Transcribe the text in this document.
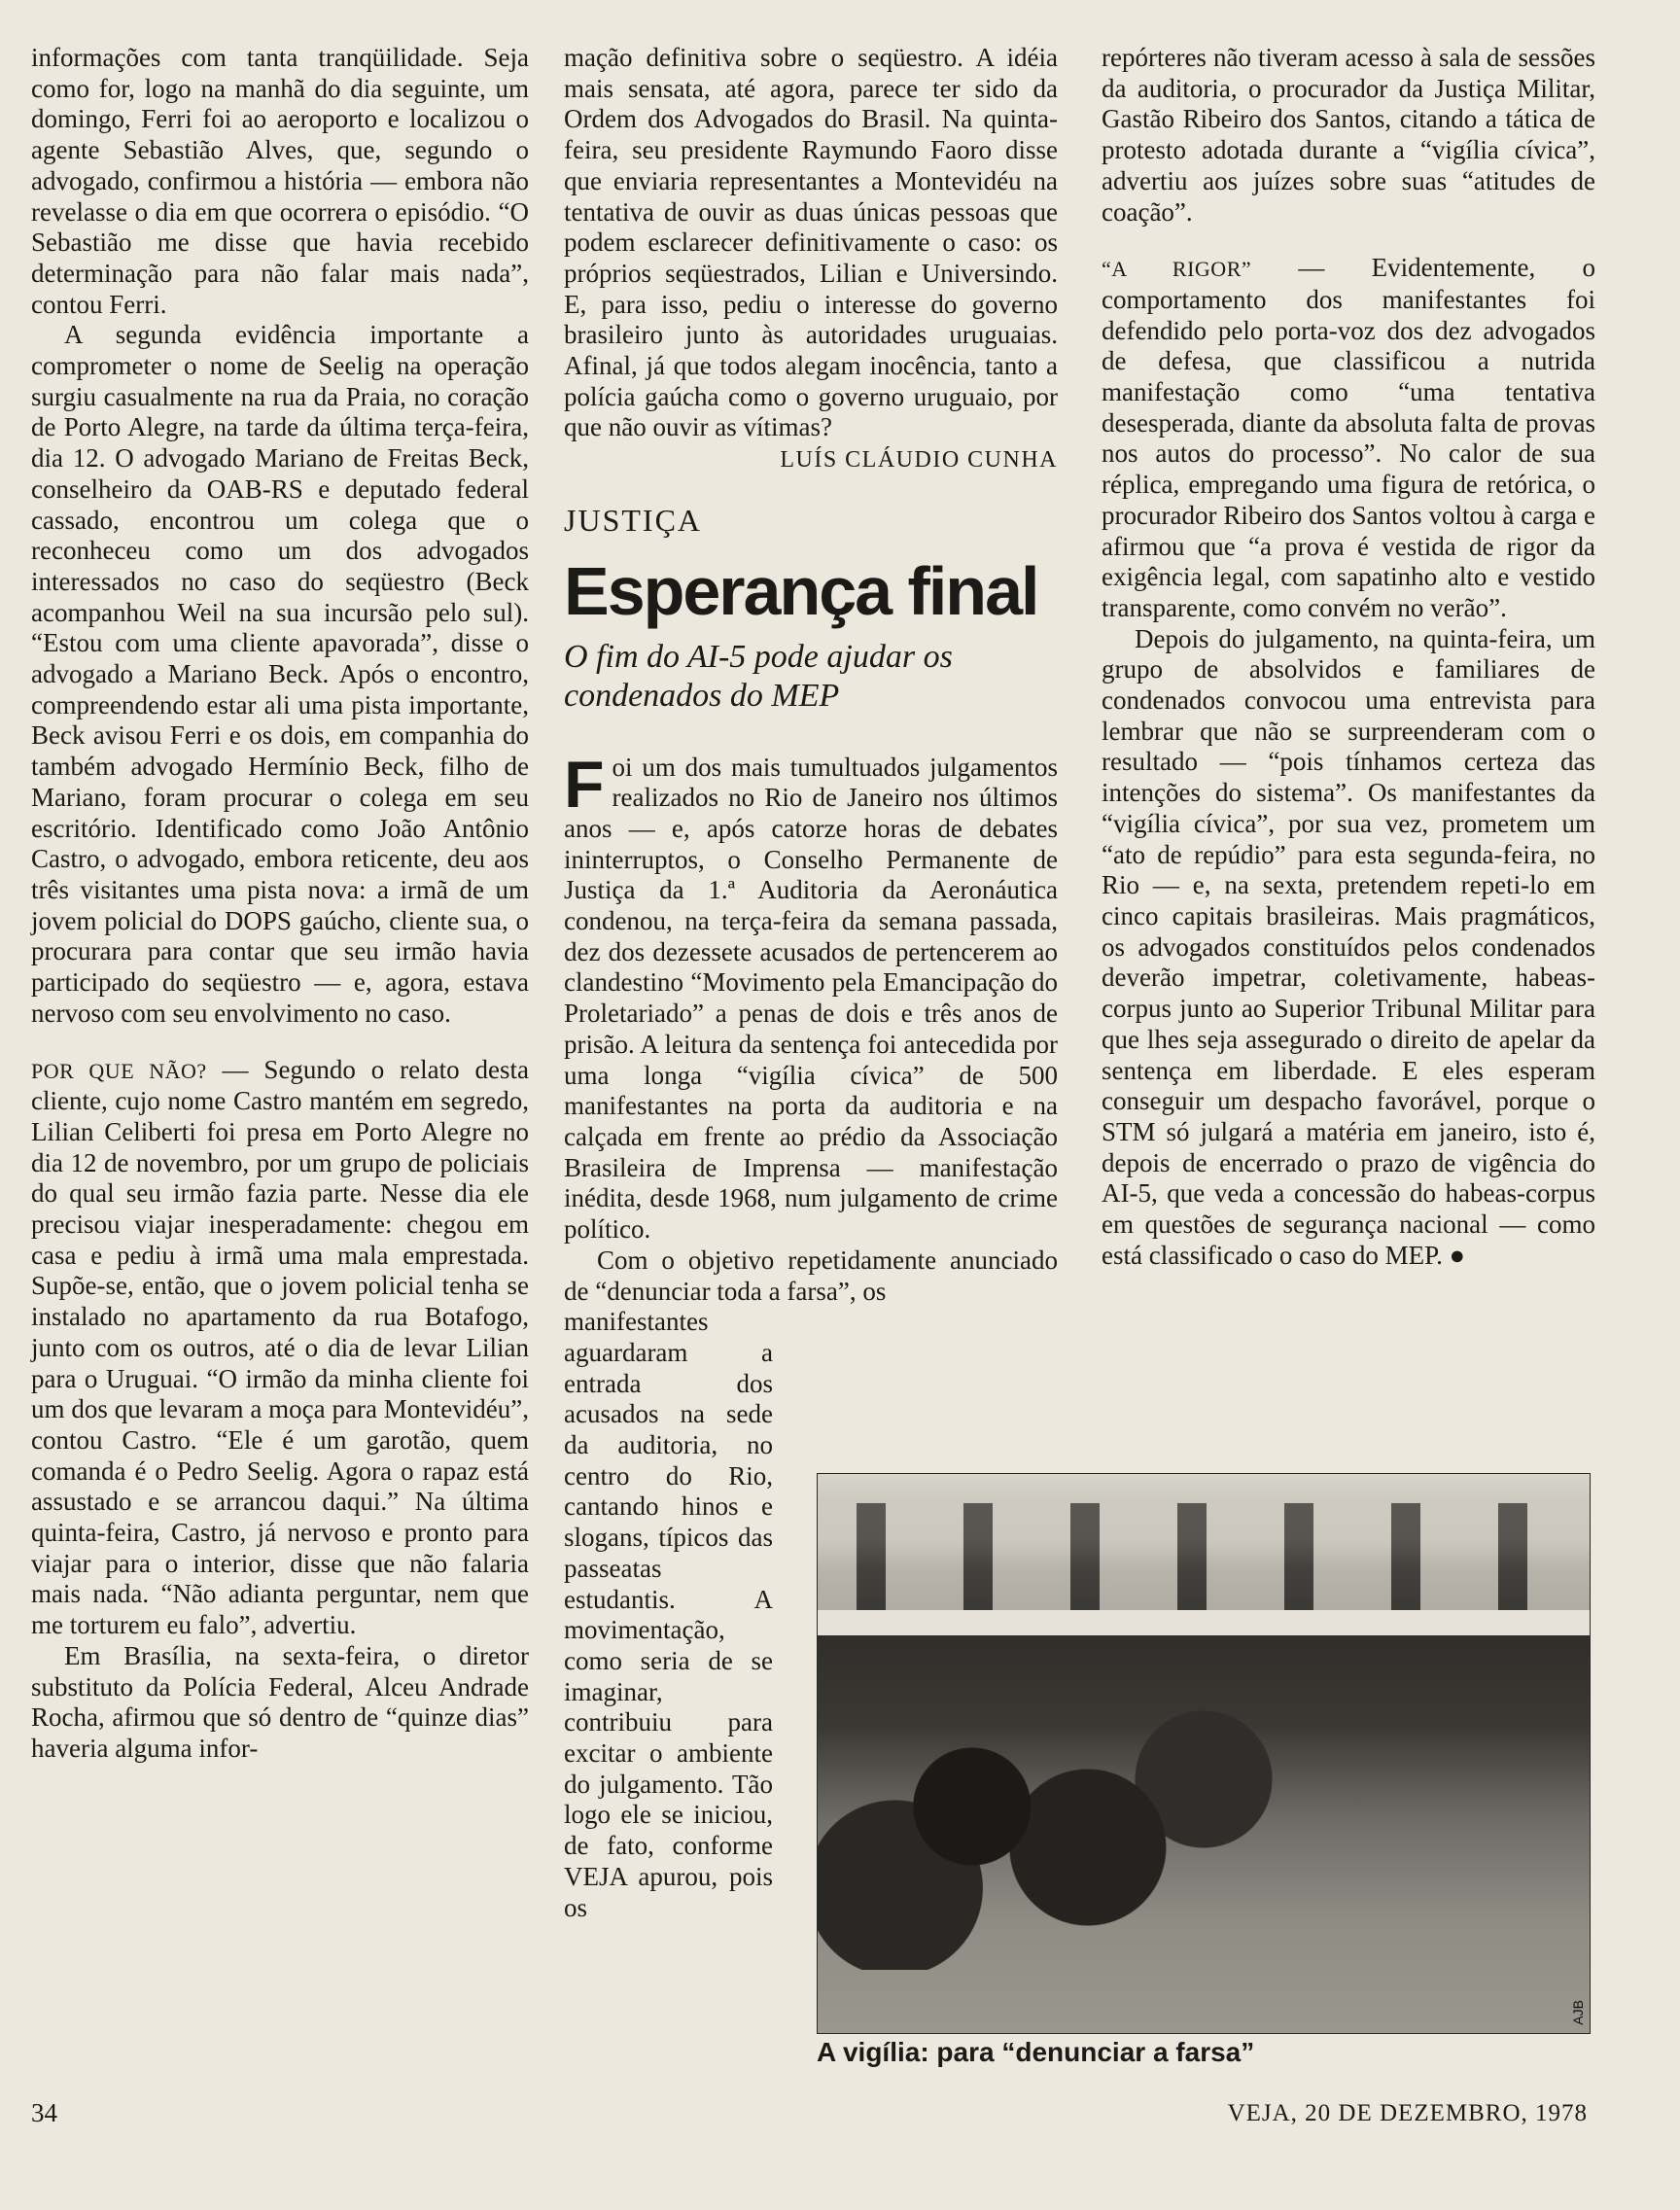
informações com tanta tranqüilidade. Seja como for, logo na manhã do dia seguinte, um domingo, Ferri foi ao aeroporto e localizou o agente Sebastião Alves, que, segundo o advogado, confirmou a história — embora não revelasse o dia em que ocorrera o episódio. “O Sebastião me disse que havia recebido determinação para não falar mais nada”, contou Ferri.

A segunda evidência importante a comprometer o nome de Seelig na operação surgiu casualmente na rua da Praia, no coração de Porto Alegre, na tarde da última terça-feira, dia 12. O advogado Mariano de Freitas Beck, conselheiro da OAB-RS e deputado federal cassado, encontrou um colega que o reconheceu como um dos advogados interessados no caso do seqüestro (Beck acompanhou Weil na sua incursão pelo sul). “Estou com uma cliente apavorada”, disse o advogado a Mariano Beck. Após o encontro, compreendendo estar ali uma pista importante, Beck avisou Ferri e os dois, em companhia do também advogado Hermínio Beck, filho de Mariano, foram procurar o colega em seu escritório. Identificado como João Antônio Castro, o advogado, embora reticente, deu aos três visitantes uma pista nova: a irmã de um jovem policial do DOPS gaúcho, cliente sua, o procurara para contar que seu irmão havia participado do seqüestro — e, agora, estava nervoso com seu envolvimento no caso.

POR QUE NÃO? — Segundo o relato desta cliente, cujo nome Castro mantém em segredo, Lilian Celiberti foi presa em Porto Alegre no dia 12 de novembro, por um grupo de policiais do qual seu irmão fazia parte. Nesse dia ele precisou viajar inesperadamente: chegou em casa e pediu à irmã uma mala emprestada. Supõe-se, então, que o jovem policial tenha se instalado no apartamento da rua Botafogo, junto com os outros, até o dia de levar Lilian para o Uruguai. “O irmão da minha cliente foi um dos que levaram a moça para Montevidéu”, contou Castro. “Ele é um garotão, quem comanda é o Pedro Seelig. Agora o rapaz está assustado e se arrancou daqui.” Na última quinta-feira, Castro, já nervoso e pronto para viajar para o interior, disse que não falaria mais nada. “Não adianta perguntar, nem que me torturem eu falo”, advertiu.

Em Brasília, na sexta-feira, o diretor substituto da Polícia Federal, Alceu Andrade Rocha, afirmou que só dentro de “quinze dias” haveria alguma infor-

mação definitiva sobre o seqüestro. A idéia mais sensata, até agora, parece ter sido da Ordem dos Advogados do Brasil. Na quinta-feira, seu presidente Raymundo Faoro disse que enviaria representantes a Montevidéu na tentativa de ouvir as duas únicas pessoas que podem esclarecer definitivamente o caso: os próprios seqüestrados, Lilian e Universindo. E, para isso, pediu o interesse do governo brasileiro junto às autoridades uruguaias. Afinal, já que todos alegam inocência, tanto a polícia gaúcha como o governo uruguaio, por que não ouvir as vítimas?

LUÍS CLÁUDIO CUNHA

JUSTIÇA

Esperança final

O fim do AI-5 pode ajudar os condenados do MEP

Foi um dos mais tumultuados julgamentos realizados no Rio de Janeiro nos últimos anos — e, após catorze horas de debates ininterruptos, o Conselho Permanente de Justiça da 1.ª Auditoria da Aeronáutica condenou, na terça-feira da semana passada, dez dos dezessete acusados de pertencerem ao clandestino “Movimento pela Emancipação do Proletariado” a penas de dois e três anos de prisão. A leitura da sentença foi antecedida por uma longa “vigília cívica” de 500 manifestantes na porta da auditoria e na calçada em frente ao prédio da Associação Brasileira de Imprensa — manifestação inédita, desde 1968, num julgamento de crime político.

Com o objetivo repetidamente anunciado de “denunciar toda a farsa”, os

manifestantes aguardaram a entrada dos acusados na sede da auditoria, no centro do Rio, cantando hinos e slogans, típicos das passeatas estudantis. A movimentação, como seria de se imaginar, contribuiu para excitar o ambiente do julgamento. Tão logo ele se iniciou, de fato, conforme VEJA apurou, pois os

repórteres não tiveram acesso à sala de sessões da auditoria, o procurador da Justiça Militar, Gastão Ribeiro dos Santos, citando a tática de protesto adotada durante a “vigília cívica”, advertiu aos juízes sobre suas “atitudes de coação”.

“A RIGOR” — Evidentemente, o comportamento dos manifestantes foi defendido pelo porta-voz dos dez advogados de defesa, que classificou a nutrida manifestação como “uma tentativa desesperada, diante da absoluta falta de provas nos autos do processo”. No calor de sua réplica, empregando uma figura de retórica, o procurador Ribeiro dos Santos voltou à carga e afirmou que “a prova é vestida de rigor da exigência legal, com sapatinho alto e vestido transparente, como convém no verão”.

Depois do julgamento, na quinta-feira, um grupo de absolvidos e familiares de condenados convocou uma entrevista para lembrar que não se surpreenderam com o resultado — “pois tínhamos certeza das intenções do sistema”. Os manifestantes da “vigília cívica”, por sua vez, prometem um “ato de repúdio” para esta segunda-feira, no Rio — e, na sexta, pretendem repeti-lo em cinco capitais brasileiras. Mais pragmáticos, os advogados constituídos pelos condenados deverão impetrar, coletivamente, habeas-corpus junto ao Superior Tribunal Militar para que lhes seja assegurado o direito de apelar da sentença em liberdade. E eles esperam conseguir um despacho favorável, porque o STM só julgará a matéria em janeiro, isto é, depois de encerrado o prazo de vigência do AI-5, que veda a concessão do habeas-corpus em questões de segurança nacional — como está classificado o caso do MEP. ●

AJB
A vigília: para “denunciar a farsa”
34	VEJA, 20 DE DEZEMBRO, 1978
